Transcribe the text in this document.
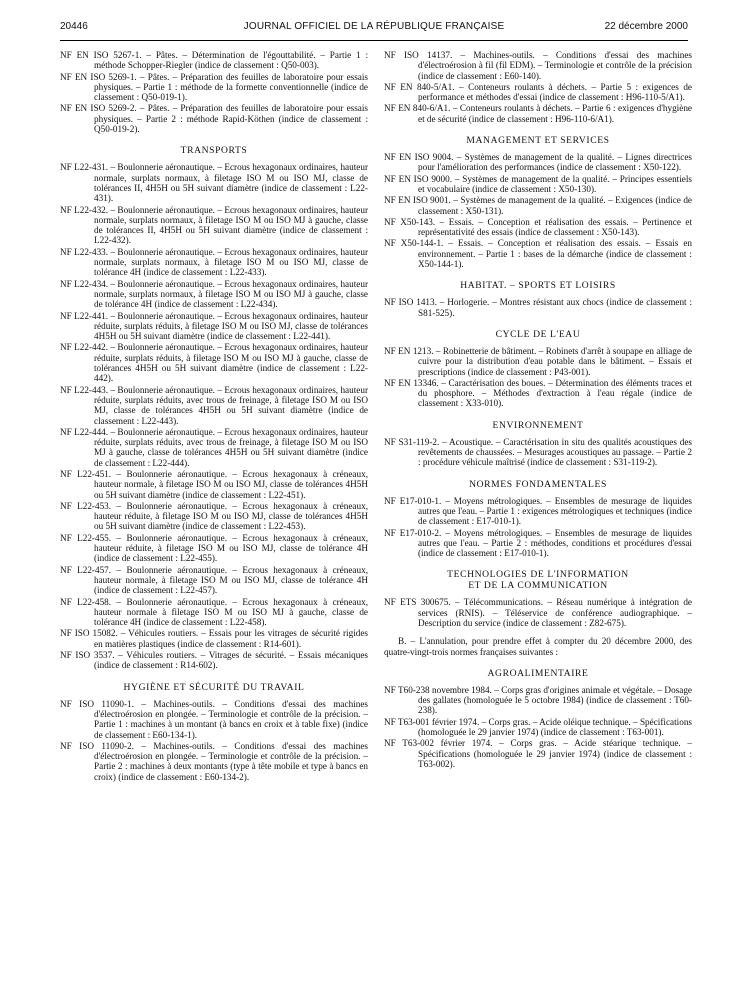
20446	JOURNAL OFFICIEL DE LA RÉPUBLIQUE FRANÇAISE	22 décembre 2000

NF EN ISO 5267-1. – Pâtes. – Détermination de l'égouttabilité. – Partie 1 : méthode Schopper-Riegler (indice de classement : Q50-003).

NF EN ISO 5269-1. – Pâtes. – Préparation des feuilles de laboratoire pour essais physiques. – Partie 1 : méthode de la formette conventionnelle (indice de classement : Q50-019-1).

NF EN ISO 5269-2. – Pâtes. – Préparation des feuilles de laboratoire pour essais physiques. – Partie 2 : méthode Rapid-Köthen (indice de classement : Q50-019-2).

TRANSPORTS

NF L22-431. – Boulonnerie aéronautique. – Ecrous hexagonaux ordinaires, hauteur normale, surplats normaux, à filetage ISO M ou ISO MJ, classe de tolérances II, 4H5H ou 5H suivant diamètre (indice de classement : L22-431).

NF L22-432. – Boulonnerie aéronautique. – Ecrous hexagonaux ordinaires, hauteur normale, surplats normaux, à filetage ISO M ou ISO MJ à gauche, classe de tolérances II, 4H5H ou 5H suivant diamètre (indice de classement : L22-432).

NF L22-433. – Boulonnerie aéronautique. – Ecrous hexagonaux ordinaires, hauteur normale, surplats normaux, à filetage ISO M ou ISO MJ, classe de tolérance 4H (indice de classement : L22-433).

NF L22-434. – Boulonnerie aéronautique. – Ecrous hexagonaux ordinaires, hauteur normale, surplats normaux, à filetage ISO M ou ISO MJ à gauche, classe de tolérance 4H (indice de classement : L22-434).

NF L22-441. – Boulonnerie aéronautique. – Ecrous hexagonaux ordinaires, hauteur réduite, surplats réduits, à filetage ISO M ou ISO MJ, classe de tolérances 4H5H ou 5H suivant diamètre (indice de classement : L22-441).

NF L22-442. – Boulonnerie aéronautique. – Ecrous hexagonaux ordinaires, hauteur réduite, surplats réduits, à filetage ISO M ou ISO MJ à gauche, classe de tolérances 4H5H ou 5H suivant diamètre (indice de classement : L22-442).

NF L22-443. – Boulonnerie aéronautique. – Ecrous hexagonaux ordinaires, hauteur réduite, surplats réduits, avec trous de freinage, à filetage ISO M ou ISO MJ, classe de tolérances 4H5H ou 5H suivant diamètre (indice de classement : L22-443).

NF L22-444. – Boulonnerie aéronautique. – Ecrous hexagonaux ordinaires, hauteur réduite, surplats réduits, avec trous de freinage, à filetage ISO M ou ISO MJ à gauche, classe de tolérances 4H5H ou 5H suivant diamètre (indice de classement : L22-444).

NF L22-451. – Boulonnerie aéronautique. – Ecrous hexagonaux à créneaux, hauteur normale, à filetage ISO M ou ISO MJ, classe de tolérances 4H5H ou 5H suivant diamètre (indice de classement : L22-451).

NF L22-453. – Boulonnerie aéronautique. – Ecrous hexagonaux à créneaux, hauteur réduite, à filetage ISO M ou ISO MJ, classe de tolérances 4H5H ou 5H suivant diamètre (indice de classement : L22-453).

NF L22-455. – Boulonnerie aéronautique. – Ecrous hexagonaux à créneaux, hauteur réduite, à filetage ISO M ou ISO MJ, classe de tolérance 4H (indice de classement : L22-455).

NF L22-457. – Boulonnerie aéronautique. – Ecrous hexagonaux à créneaux, hauteur normale, à filetage ISO M ou ISO MJ, classe de tolérance 4H (indice de classement : L22-457).

NF L22-458. – Boulonnerie aéronautique. – Ecrous hexagonaux à créneaux, hauteur normale à filetage ISO M ou ISO MJ à gauche, classe de tolérance 4H (indice de classement : L22-458).

NF ISO 15082. – Véhicules routiers. – Essais pour les vitrages de sécurité rigides en matières plastiques (indice de classement : R14-601).

NF ISO 3537. – Véhicules routiers. – Vitrages de sécurité. – Essais mécaniques (indice de classement : R14-602).

HYGIÈNE ET SÉCURITÉ DU TRAVAIL

NF ISO 11090-1. – Machines-outils. – Conditions d'essai des machines d'électroérosion en plongée. – Terminologie et contrôle de la précision. – Partie 1 : machines à un montant (à bancs en croix et à table fixe) (indice de classement : E60-134-1).

NF ISO 11090-2. – Machines-outils. – Conditions d'essai des machines d'électroérosion en plongée. – Terminologie et contrôle de la précision. – Partie 2 : machines à deux montants (type à tête mobile et type à bancs en croix) (indice de classement : E60-134-2).

NF ISO 14137. – Machines-outils. – Conditions d'essai des machines d'électroérosion à fil (fil EDM). – Terminologie et contrôle de la précision (indice de classement : E60-140).

NF EN 840-5/A1. – Conteneurs roulants à déchets. – Partie 5 : exigences de performance et méthodes d'essai (indice de classement : H96-110-5/A1).

NF EN 840-6/A1. – Conteneurs roulants à déchets. – Partie 6 : exigences d'hygiène et de sécurité (indice de classement : H96-110-6/A1).

MANAGEMENT ET SERVICES

NF EN ISO 9004. – Systèmes de management de la qualité. – Lignes directrices pour l'amélioration des performances (indice de classement : X50-122).

NF EN ISO 9000. – Systèmes de management de la qualité. – Principes essentiels et vocabulaire (indice de classement : X50-130).

NF EN ISO 9001. – Systèmes de management de la qualité. – Exigences (indice de classement : X50-131).

NF X50-143. – Essais. – Conception et réalisation des essais. – Pertinence et représentativité des essais (indice de classement : X50-143).

NF X50-144-1. – Essais. – Conception et réalisation des essais. – Essais en environnement. – Partie 1 : bases de la démarche (indice de classement : X50-144-1).

HABITAT. – SPORTS ET LOISIRS

NF ISO 1413. – Horlogerie. – Montres résistant aux chocs (indice de classement : S81-525).

CYCLE DE L'EAU

NF EN 1213. – Robinetterie de bâtiment. – Robinets d'arrêt à soupape en alliage de cuivre pour la distribution d'eau potable dans le bâtiment. – Essais et prescriptions (indice de classement : P43-001).

NF EN 13346. – Caractérisation des boues. – Détermination des éléments traces et du phosphore. – Méthodes d'extraction à l'eau régale (indice de classement : X33-010).

ENVIRONNEMENT

NF S31-119-2. – Acoustique. – Caractérisation in situ des qualités acoustiques des revêtements de chaussées. – Mesurages acoustiques au passage. – Partie 2 : procédure véhicule maîtrisé (indice de classement : S31-119-2).

NORMES FONDAMENTALES

NF E17-010-1. – Moyens métrologiques. – Ensembles de mesurage de liquides autres que l'eau. – Partie 1 : exigences métrologiques et techniques (indice de classement : E17-010-1).

NF E17-010-2. – Moyens métrologiques. – Ensembles de mesurage de liquides autres que l'eau. – Partie 2 : méthodes, conditions et procédures d'essai (indice de classement : E17-010-1).

TECHNOLOGIES DE L'INFORMATION
ET DE LA COMMUNICATION

NF ETS 300675. – Télécommunications. – Réseau numérique à intégration de services (RNIS). – Téléservice de conférence audiographique. – Description du service (indice de classement : Z82-675).

B. – L'annulation, pour prendre effet à compter du 20 décembre 2000, des quatre-vingt-trois normes françaises suivantes :

AGROALIMENTAIRE

NF T60-238 novembre 1984. – Corps gras d'origines animale et végétale. – Dosage des gallates (homologuée le 5 octobre 1984) (indice de classement : T60-238).

NF T63-001 février 1974. – Corps gras. – Acide oléique technique. – Spécifications (homologuée le 29 janvier 1974) (indice de classement : T63-001).

NF T63-002 février 1974. – Corps gras. – Acide stéarique technique. – Spécifications (homologuée le 29 janvier 1974) (indice de classement : T63-002).
